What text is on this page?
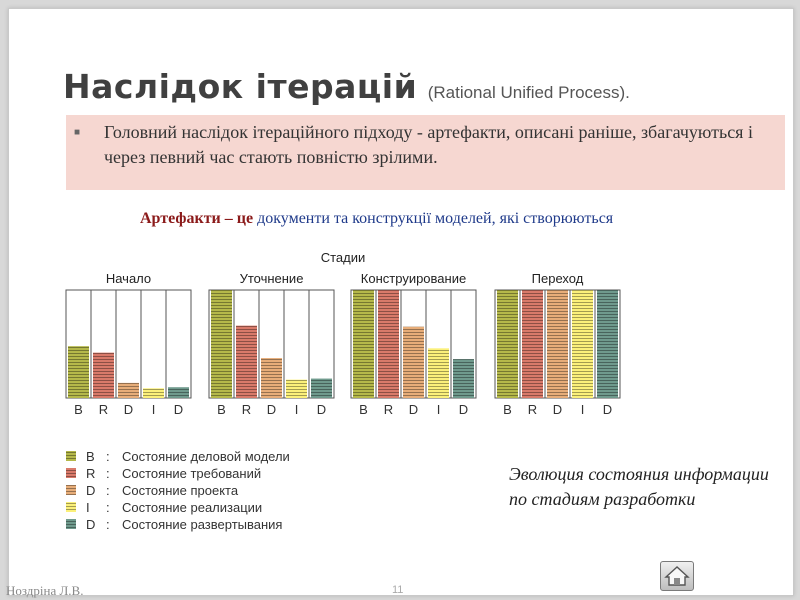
Наслідок ітерацій (Rational Unified Process).
■ Головний наслідок ітераційного підходу - артефакти, описані раніше, збагачуються і через певний час стають повністю зрілими.
Артефакти – це документи та конструкції моделей, які створюються
Эволюция состояния информации по стадиям разработки
Стадии
Начало
B R D I D
Уточнение
B R D I D
Конструирование
B R D I D
Переход
B R D I D
B : Состояние деловой модели
R : Состояние требований
D : Состояние проекта
I : Состояние реализации
D : Состояние развертывания
Ноздріна Л.В.	11
